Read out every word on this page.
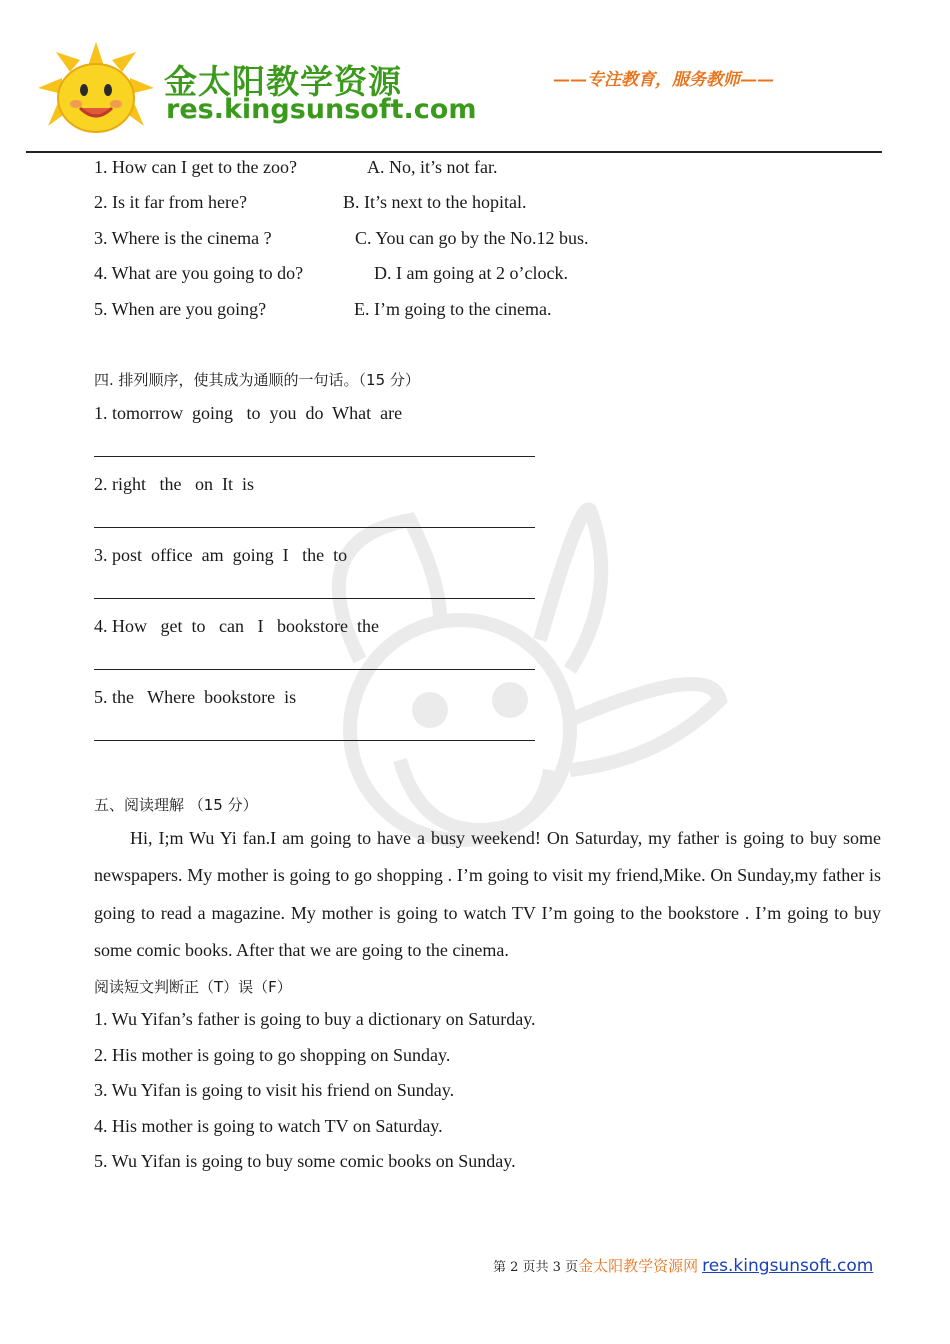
金太阳教学资源
res.kingsunsoft.com
——专注教育，服务教师——
1. How can I get to the zoo?	A. No, it’s not far.
2. Is it far from here?	B. It’s next to the hopital.
3. Where is the cinema ?	C. You can go by the No.12 bus.
4. What are you going to do?	D. I am going at 2 o’clock.
5. When are you going?	E. I’m going to the cinema.
四. 排列顺序，使其成为通顺的一句话。（15 分）
1. tomorrow  going   to  you  do  What  are
2. right   the   on  It  is
3. post  office  am  going  I   the  to
4. How   get  to   can   I   bookstore  the
5. the   Where  bookstore  is
五、阅读理解 （15 分）
Hi, I;m Wu Yi fan.I am going to have a busy weekend! On Saturday, my father is going to buy some newspapers. My mother is going to go shopping . I’m going to visit my friend,Mike. On Sunday,my father is going to read a magazine. My mother is going to watch TV I’m going to the bookstore . I’m going to buy some comic books. After that we are going to the cinema.
阅读短文判断正（T）误（F）
1. Wu Yifan’s father is going to buy a dictionary on Saturday.
2. His mother is going to go shopping on Sunday.
3. Wu Yifan is going to visit his friend on Sunday.
4. His mother is going to watch TV on Saturday.
5. Wu Yifan is going to buy some comic books on Sunday.
第 2 页共 3 页金太阳教学资源网 res.kingsunsoft.com
